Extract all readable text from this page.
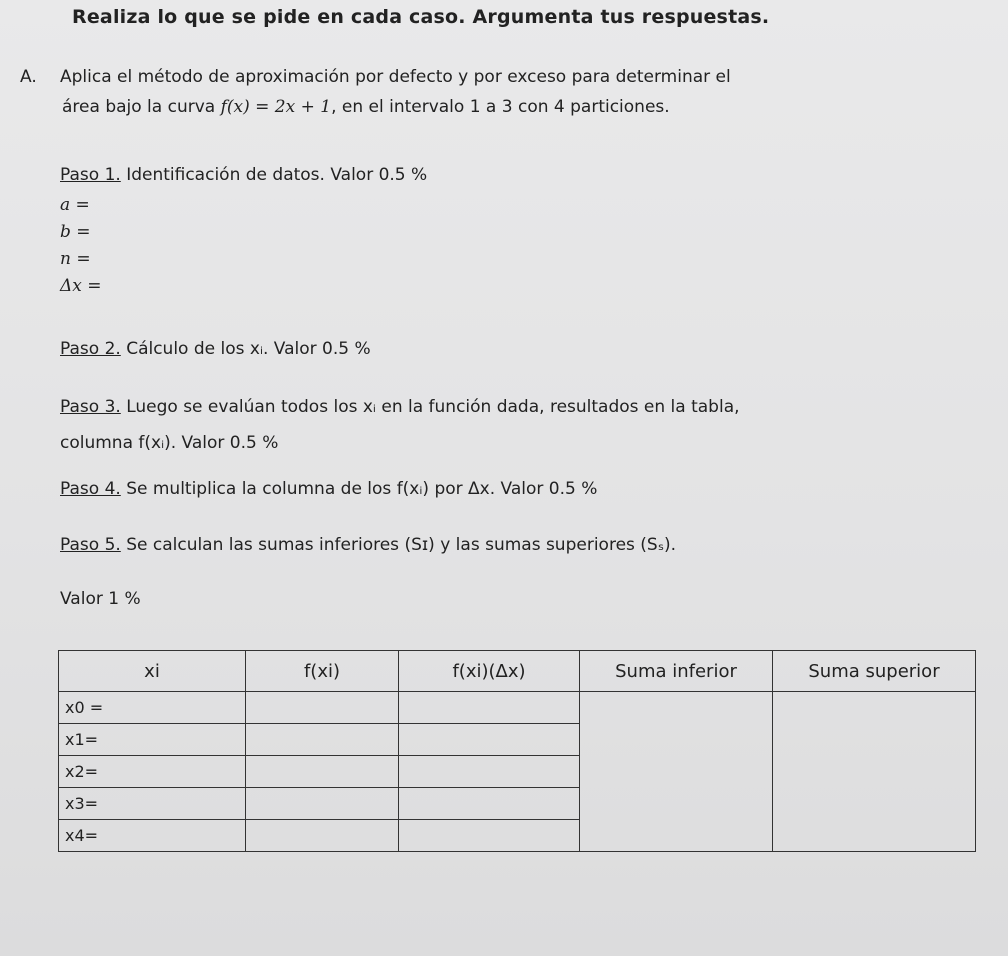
Realiza lo que se pide en cada caso. Argumenta tus respuestas.
A. Aplica el método de aproximación por defecto y por exceso para determinar el
área bajo la curva f(x) = 2x + 1, en el intervalo 1 a 3 con 4 particiones.
Paso 1. Identificación de datos. Valor 0.5 %
a =
b =
n =
Δx =
Paso 2. Cálculo de los xᵢ. Valor 0.5 %
Paso 3. Luego se evalúan todos los xᵢ en la función dada, resultados en la tabla,
columna f(xᵢ). Valor 0.5 %
Paso 4. Se multiplica la columna de los f(xᵢ) por Δx. Valor 0.5 %
Paso 5. Se calculan las sumas inferiores (Sɪ) y las sumas superiores (Sₛ).
Valor 1 %
xi	f(xi)	f(xi)(Δx)	Suma inferior	Suma superior
x0 =				
x1=				
x2=				
x3=				
x4=				
